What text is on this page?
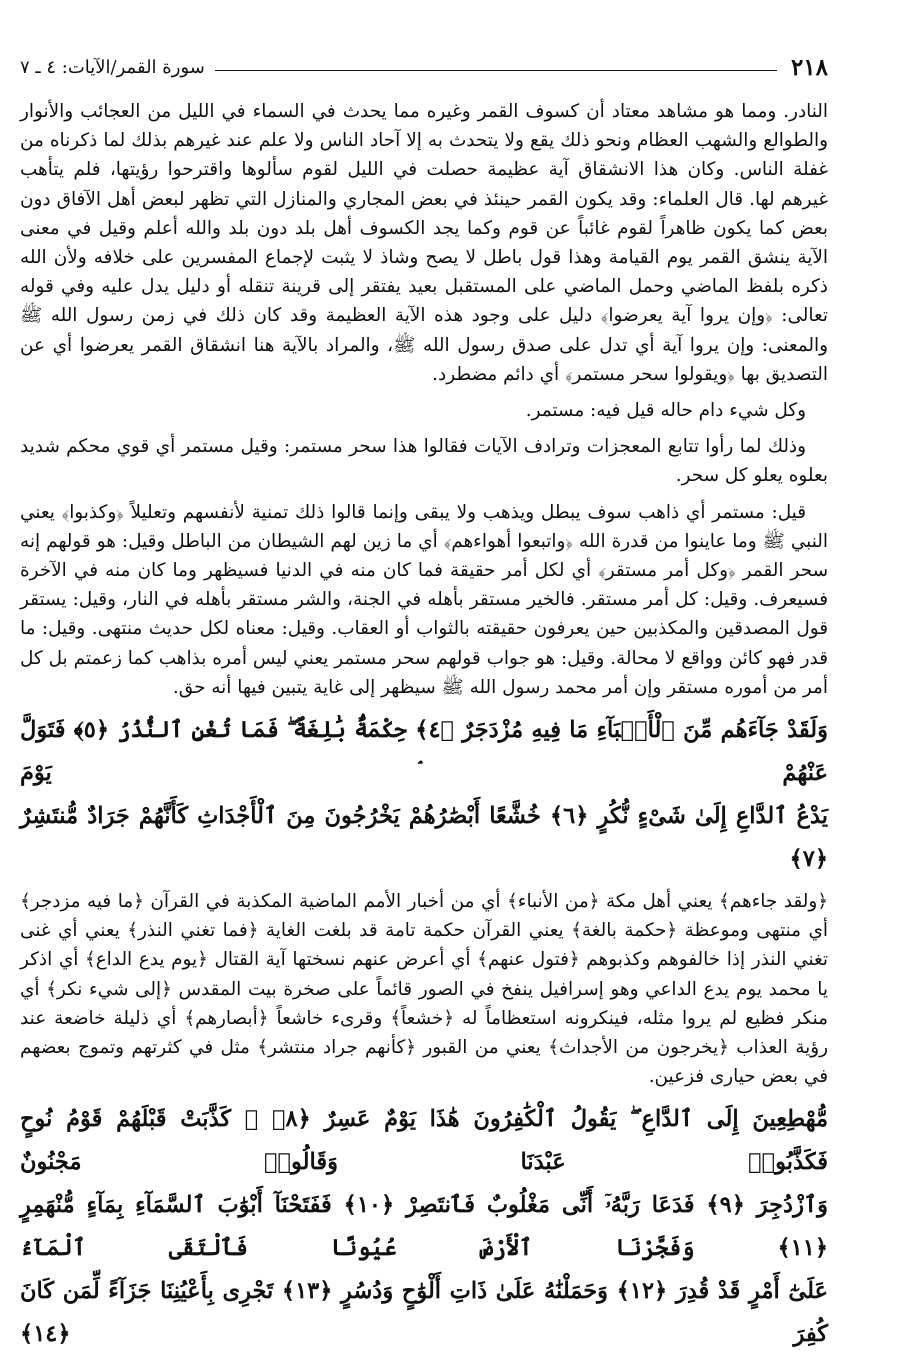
٢١٨
سورة القمر/الآيات: ٤ ـ ٧

النادر. ومما هو مشاهد معتاد أن كسوف القمر وغيره مما يحدث في السماء في الليل من العجائب والأنوار والطوالع والشهب العظام ونحو ذلك يقع ولا يتحدث به إلا آحاد الناس ولا علم عند غيرهم بذلك لما ذكرناه من غفلة الناس. وكان هذا الانشقاق آية عظيمة حصلت في الليل لقوم سألوها واقترحوا رؤيتها، فلم يتأهب غيرهم لها. قال العلماء: وقد يكون القمر حينئذ في بعض المجاري والمنازل التي تظهر لبعض أهل الآفاق دون بعض كما يكون ظاهراً لقوم غائباً عن قوم وكما يجد الكسوف أهل بلد دون بلد والله أعلم وقيل في معنى الآية ينشق القمر يوم القيامة وهذا قول باطل لا يصح وشاذ لا يثبت لإجماع المفسرين على خلافه ولأن الله ذكره بلفظ الماضي وحمل الماضي على المستقبل بعيد يفتقر إلى قرينة تنقله أو دليل يدل عليه وفي قوله تعالى: ﴿وإن يروا آية يعرضوا﴾ دليل على وجود هذه الآية العظيمة وقد كان ذلك في زمن رسول الله ﷺ والمعنى: وإن يروا آية أي تدل على صدق رسول الله ﷺ، والمراد بالآية هنا انشقاق القمر يعرضوا أي عن التصديق بها ﴿ويقولوا سحر مستمر﴾ أي دائم مضطرد.

وكل شيء دام حاله قيل فيه: مستمر.

وذلك لما رأوا تتابع المعجزات وترادف الآيات فقالوا هذا سحر مستمر: وقيل مستمر أي قوي محكم شديد بعلوه يعلو كل سحر.

قيل: مستمر أي ذاهب سوف يبطل ويذهب ولا يبقى وإنما قالوا ذلك تمنية لأنفسهم وتعليلاً ﴿وكذبوا﴾ يعني النبي ﷺ وما عاينوا من قدرة الله ﴿واتبعوا أهواءهم﴾ أي ما زين لهم الشيطان من الباطل وقيل: هو قولهم إنه سحر القمر ﴿وكل أمر مستقر﴾ أي لكل أمر حقيقة فما كان منه في الدنيا فسيظهر وما كان منه في الآخرة فسيعرف. وقيل: كل أمر مستقر. فالخير مستقر بأهله في الجنة، والشر مستقر بأهله في النار، وقيل: يستقر قول المصدقين والمكذبين حين يعرفون حقيقته بالثواب أو العقاب. وقيل: معناه لكل حديث منتهى. وقيل: ما قدر فهو كائن وواقع لا محالة. وقيل: هو جواب قولهم سحر مستمر يعني ليس أمره بذاهب كما زعمتم بل كل أمر من أموره مستقر وإن أمر محمد رسول الله ﷺ سيظهر إلى غاية يتبين فيها أنه حق.

وَلَقَدْ جَآءَهُم مِّنَ ٱلْأَنۢبَآءِ مَا فِيهِ مُزْدَجَرٌ ﴿٤﴾ حِكْمَةٌۢ بَٰلِغَةٌ ۖ فَمَا تُغْنِ ٱلنُّذُرُ ﴿٥﴾ فَتَوَلَّ عَنْهُمْ ۘ يَوْمَ
يَدْعُ ٱلدَّاعِ إِلَىٰ شَىْءٍ نُّكُرٍ ﴿٦﴾ خُشَّعًا أَبْصَٰرُهُمْ يَخْرُجُونَ مِنَ ٱلْأَجْدَاثِ كَأَنَّهُمْ جَرَادٌ مُّنتَشِرٌ ﴿٧﴾

﴿ولقد جاءهم﴾ يعني أهل مكة ﴿من الأنباء﴾ أي من أخبار الأمم الماضية المكذبة في القرآن ﴿ما فيه مزدجر﴾ أي منتهى وموعظة ﴿حكمة بالغة﴾ يعني القرآن حكمة تامة قد بلغت الغاية ﴿فما تغني النذر﴾ يعني أي غنى تغني النذر إذا خالفوهم وكذبوهم ﴿فتول عنهم﴾ أي أعرض عنهم نسختها آية القتال ﴿يوم يدع الداع﴾ أي اذكر يا محمد يوم يدع الداعي وهو إسرافيل ينفخ في الصور قائماً على صخرة بيت المقدس ﴿إلى شيء نكر﴾ أي منكر فظيع لم يروا مثله، فينكرونه استعظاماً له ﴿خشعاً﴾ وقرىء خاشعاً ﴿أبصارهم﴾ أي ذليلة خاضعة عند رؤية العذاب ﴿يخرجون من الأجداث﴾ يعني من القبور ﴿كأنهم جراد منتشر﴾ مثل في كثرتهم وتموج بعضهم في بعض حيارى فزعين.

مُّهْطِعِينَ إِلَى ٱلدَّاعِ ۖ يَقُولُ ٱلْكَٰفِرُونَ هَٰذَا يَوْمٌ عَسِرٌ ﴿٨﴾ ۞ كَذَّبَتْ قَبْلَهُمْ قَوْمُ نُوحٍ فَكَذَّبُوا۟ عَبْدَنَا وَقَالُوا۟ مَجْنُونٌ
وَٱزْدُجِرَ ﴿٩﴾ فَدَعَا رَبَّهُۥٓ أَنِّى مَغْلُوبٌ فَٱنتَصِرْ ﴿١٠﴾ فَفَتَحْنَآ أَبْوَٰبَ ٱلسَّمَآءِ بِمَآءٍ مُّنْهَمِرٍ ﴿١١﴾ وَفَجَّرْنَا ٱلْأَرْضَ عُيُونًا فَٱلْتَقَى ٱلْمَآءُ
عَلَىٰٓ أَمْرٍ قَدْ قُدِرَ ﴿١٢﴾ وَحَمَلْنَٰهُ عَلَىٰ ذَاتِ أَلْوَٰحٍ وَدُسُرٍ ﴿١٣﴾ تَجْرِى بِأَعْيُنِنَا جَزَآءً لِّمَن كَانَ كُفِرَ ﴿١٤﴾
